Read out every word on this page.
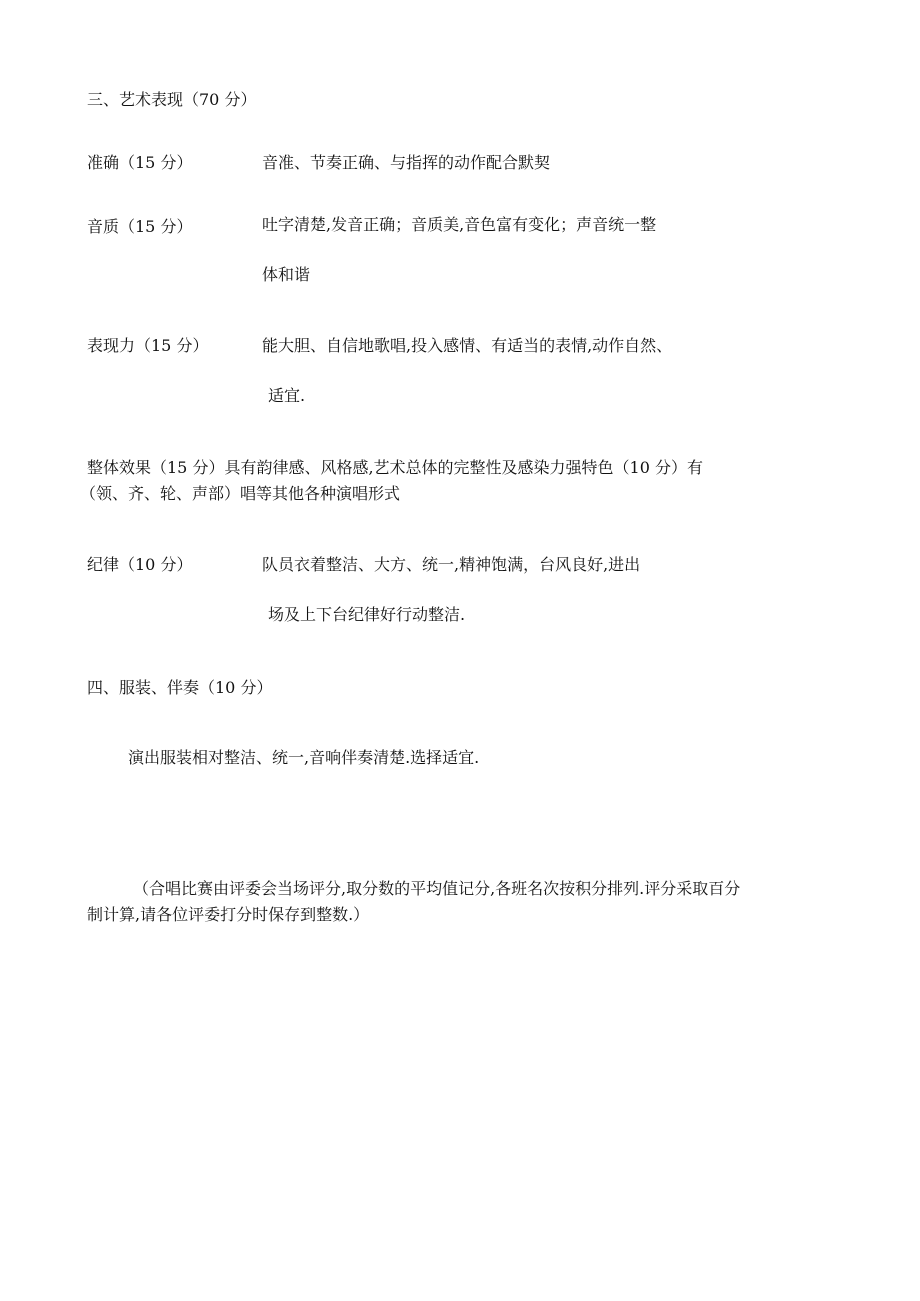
三、艺术表现（70 分）
准确（15 分）	音准、节奏正确、与指挥的动作配合默契
音质（15 分）	吐字清楚,发音正确；音质美,音色富有变化；声音统一整
体和谐
表现力（15 分）	能大胆、自信地歌唱,投入感情、有适当的表情,动作自然、
适宜.
整体效果（15 分）具有韵律感、风格感,艺术总体的完整性及感染力强特色（10 分）有
（领、齐、轮、声部）唱等其他各种演唱形式
纪律（10 分）	队员衣着整洁、大方、统一,精神饱满，台风良好,进出
场及上下台纪律好行动整洁.
四、服装、伴奏（10 分）
演出服装相对整洁、统一,音响伴奏清楚.选择适宜.
（合唱比赛由评委会当场评分,取分数的平均值记分,各班名次按积分排列.评分采取百分
制计算,请各位评委打分时保存到整数.）
